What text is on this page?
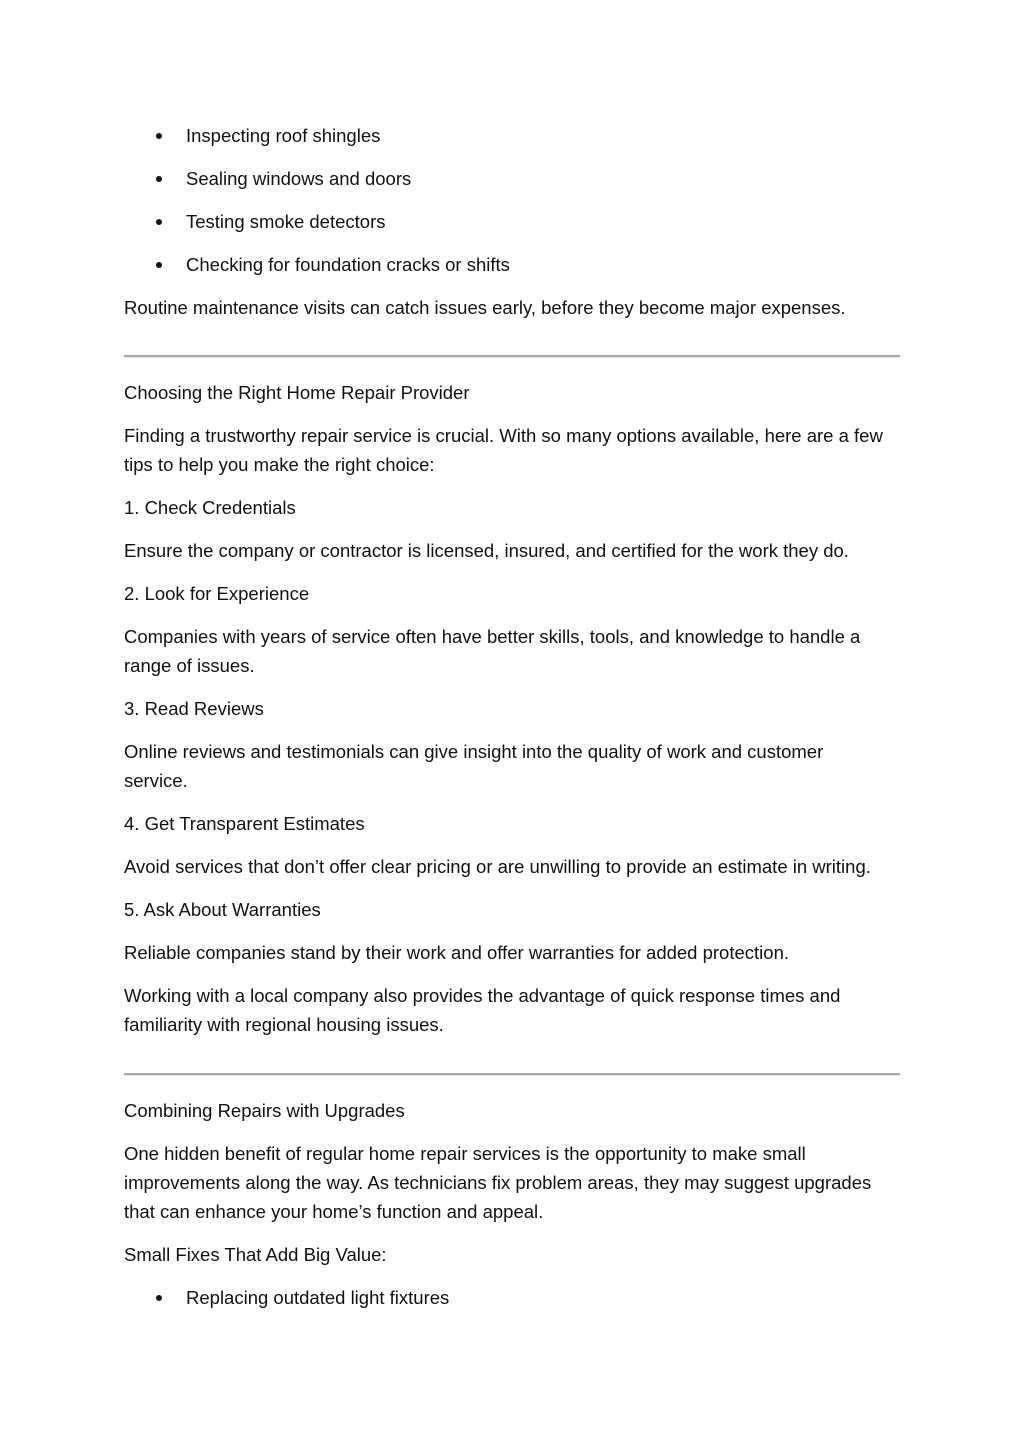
Inspecting roof shingles
Sealing windows and doors
Testing smoke detectors
Checking for foundation cracks or shifts
Routine maintenance visits can catch issues early, before they become major expenses.
Choosing the Right Home Repair Provider
Finding a trustworthy repair service is crucial. With so many options available, here are a few
tips to help you make the right choice:
1. Check Credentials
Ensure the company or contractor is licensed, insured, and certified for the work they do.
2. Look for Experience
Companies with years of service often have better skills, tools, and knowledge to handle a
range of issues.
3. Read Reviews
Online reviews and testimonials can give insight into the quality of work and customer
service.
4. Get Transparent Estimates
Avoid services that don’t offer clear pricing or are unwilling to provide an estimate in writing.
5. Ask About Warranties
Reliable companies stand by their work and offer warranties for added protection.
Working with a local company also provides the advantage of quick response times and
familiarity with regional housing issues.
Combining Repairs with Upgrades
One hidden benefit of regular home repair services is the opportunity to make small
improvements along the way. As technicians fix problem areas, they may suggest upgrades
that can enhance your home’s function and appeal.
Small Fixes That Add Big Value:
Replacing outdated light fixtures
